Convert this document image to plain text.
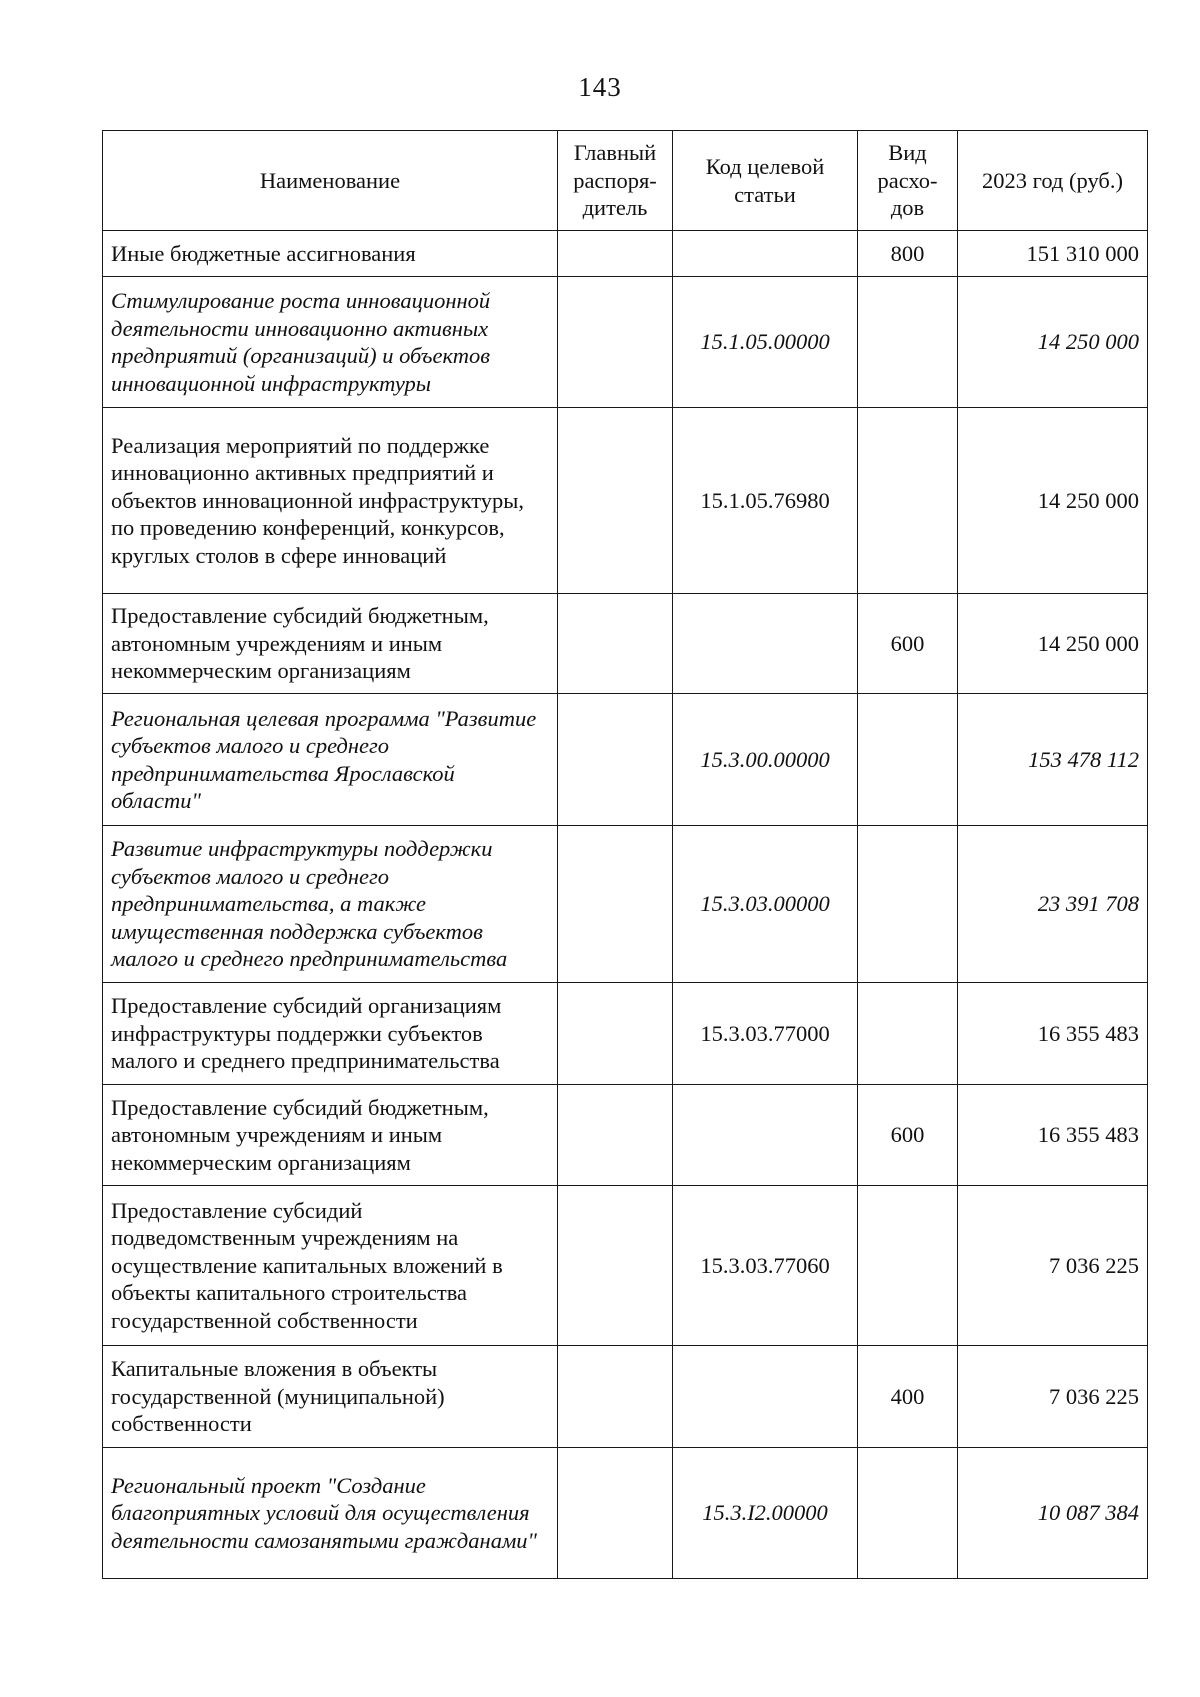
143
Наименование	Главный распоря-дитель	Код целевой статьи	Вид расхо-дов	2023 год (руб.)
Иные бюджетные ассигнования			800	151 310 000
Стимулирование роста инновационной деятельности инновационно активных предприятий (организаций) и объектов инновационной инфраструктуры		15.1.05.00000		14 250 000
Реализация мероприятий по поддержке инновационно активных предприятий и объектов инновационной инфраструктуры, по проведению конференций, конкурсов, круглых столов в сфере инноваций		15.1.05.76980		14 250 000
Предоставление субсидий бюджетным, автономным учреждениям и иным некоммерческим организациям			600	14 250 000
Региональная целевая программа "Развитие субъектов малого и среднего предпринимательства Ярославской области"		15.3.00.00000		153 478 112
Развитие инфраструктуры поддержки субъектов малого и среднего предпринимательства, а также имущественная поддержка субъектов малого и среднего предпринимательства		15.3.03.00000		23 391 708
Предоставление субсидий организациям инфраструктуры поддержки субъектов малого и среднего предпринимательства		15.3.03.77000		16 355 483
Предоставление субсидий бюджетным, автономным учреждениям и иным некоммерческим организациям			600	16 355 483
Предоставление субсидий подведомственным учреждениям на осуществление капитальных вложений в объекты капитального строительства государственной собственности		15.3.03.77060		7 036 225
Капитальные вложения в объекты государственной (муниципальной) собственности			400	7 036 225
Региональный проект "Создание благоприятных условий для осуществления деятельности самозанятыми гражданами"		15.3.I2.00000		10 087 384
